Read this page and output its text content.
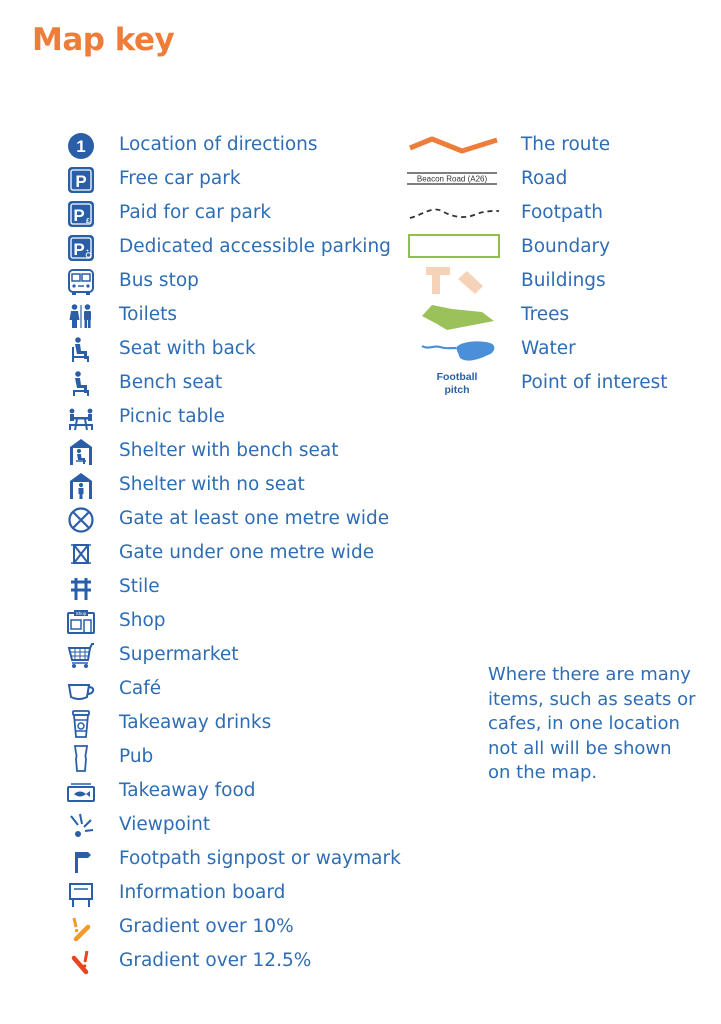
Map key
1 Location of directions
P Free car park
P £ Paid for car park
P Dedicated accessible parking
Bus stop
Toilets
Seat with back
Bench seat
Picnic table
Shelter with bench seat
Shelter with no seat
Gate at least one metre wide
Gate under one metre wide
Stile
Shop Shop
Supermarket
Café
Takeaway drinks
Pub
Takeaway food
Viewpoint
Footpath signpost or waymark
Information board
Gradient over 10%
Gradient over 12.5%
The route
Beacon Road (A26) Road
Footpath
Boundary
Buildings
Trees
Water
Football
pitch	Point of interest
Where there are many
items, such as seats or
cafes, in one location
not all will be shown
on the map.
